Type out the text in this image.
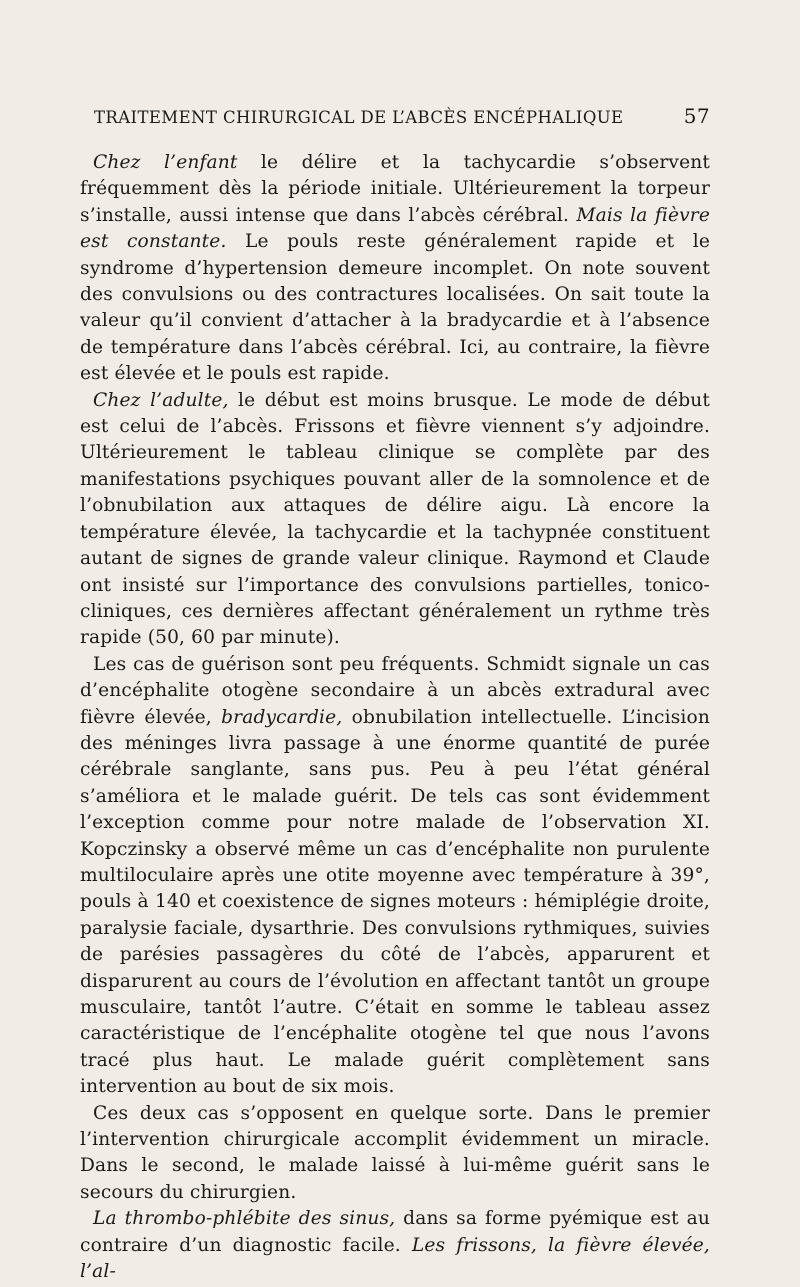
TRAITEMENT CHIRURGICAL DE L’ABCÈS ENCÉPHALIQUE	57

Chez l’enfant le délire et la tachycardie s’observent fréquemment dès la période initiale. Ultérieurement la torpeur s’installe, aussi intense que dans l’abcès cérébral. Mais la fièvre est constante. Le pouls reste généralement rapide et le syndrome d’hypertension demeure incomplet. On note souvent des convulsions ou des contractures localisées. On sait toute la valeur qu’il convient d’attacher à la bradycardie et à l’absence de température dans l’abcès cérébral. Ici, au contraire, la fièvre est élevée et le pouls est rapide.

Chez l’adulte, le début est moins brusque. Le mode de début est celui de l’abcès. Frissons et fièvre viennent s’y adjoindre. Ultérieurement le tableau clinique se complète par des manifestations psychiques pouvant aller de la somnolence et de l’obnubilation aux attaques de délire aigu. Là encore la température élevée, la tachycardie et la tachypnée constituent autant de signes de grande valeur clinique. Raymond et Claude ont insisté sur l’importance des convulsions partielles, tonico-cliniques, ces dernières affectant généralement un rythme très rapide (50, 60 par minute).

Les cas de guérison sont peu fréquents. Schmidt signale un cas d’encéphalite otogène secondaire à un abcès extradural avec fièvre élevée, bradycardie, obnubilation intellectuelle. L’incision des méninges livra passage à une énorme quantité de purée cérébrale sanglante, sans pus. Peu à peu l’état général s’améliora et le malade guérit. De tels cas sont évidemment l’exception comme pour notre malade de l’observation XI. Kopczinsky a observé même un cas d’encéphalite non purulente multiloculaire après une otite moyenne avec température à 39°, pouls à 140 et coexistence de signes moteurs : hémiplégie droite, paralysie faciale, dysarthrie. Des convulsions rythmiques, suivies de parésies passagères du côté de l’abcès, apparurent et disparurent au cours de l’évolution en affectant tantôt un groupe musculaire, tantôt l’autre. C’était en somme le tableau assez caractéristique de l’encéphalite otogène tel que nous l’avons tracé plus haut. Le malade guérit complètement sans intervention au bout de six mois.

Ces deux cas s’opposent en quelque sorte. Dans le premier l’intervention chirurgicale accomplit évidemment un miracle. Dans le second, le malade laissé à lui-même guérit sans le secours du chirurgien.

La thrombo-phlébite des sinus, dans sa forme pyémique est au contraire d’un diagnostic facile. Les frissons, la fièvre élevée, l’al-
